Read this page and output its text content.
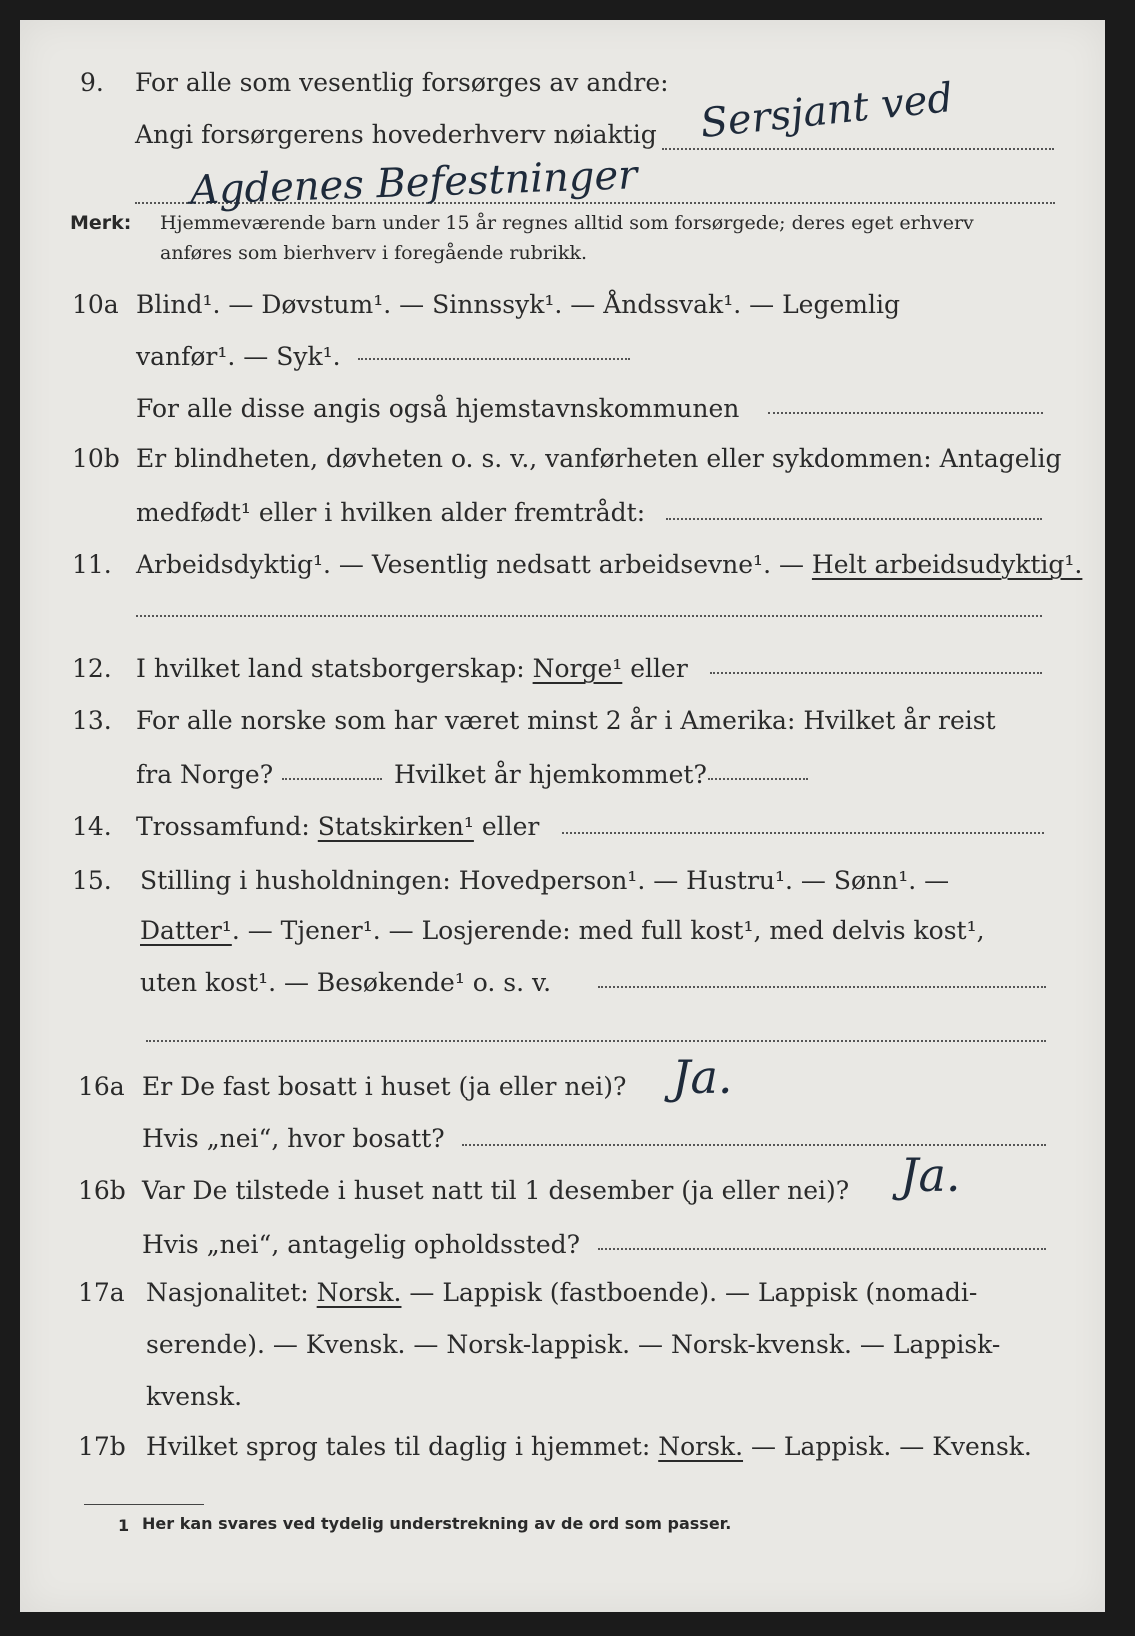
9. For alle som vesentlig forsørges av andre:
Angi forsørgerens hovederhverv nøiaktig Sersjant ved
Agdenes Befestninger
Merk: Hjemmeværende barn under 15 år regnes alltid som forsørgede; deres eget erhverv
anføres som bierhverv i foregående rubrikk.
10a Blind¹. — Døvstum¹. — Sinnssyk¹. — Åndssvak¹. — Legemlig
vanfør¹. — Syk¹.
For alle disse angis også hjemstavnskommunen
10b Er blindheten, døvheten o. s. v., vanførheten eller sykdommen: Antagelig
medfødt¹ eller i hvilken alder fremtrådt:
11. Arbeidsdyktig¹. — Vesentlig nedsatt arbeidsevne¹. — Helt arbeidsudyktig¹.
12. I hvilket land statsborgerskap: Norge¹ eller
13. For alle norske som har været minst 2 år i Amerika: Hvilket år reist
fra Norge?	Hvilket år hjemkommet?
14. Trossamfund: Statskirken¹ eller
15. Stilling i husholdningen: Hovedperson¹. — Hustru¹. — Sønn¹. —
Datter¹. — Tjener¹. — Losjerende: med full kost¹, med delvis kost¹,
uten kost¹. — Besøkende¹ o. s. v.
16a Er De fast bosatt i huset (ja eller nei)? Ja.
Hvis „nei“, hvor bosatt?
16b Var De tilstede i huset natt til 1 desember (ja eller nei)? Ja.
Hvis „nei“, antagelig opholdssted?
17a Nasjonalitet: Norsk. — Lappisk (fastboende). — Lappisk (nomadi-
serende). — Kvensk. — Norsk-lappisk. — Norsk-kvensk. — Lappisk-
kvensk.
17b Hvilket sprog tales til daglig i hjemmet: Norsk. — Lappisk. — Kvensk.
1 Her kan svares ved tydelig understrekning av de ord som passer.
